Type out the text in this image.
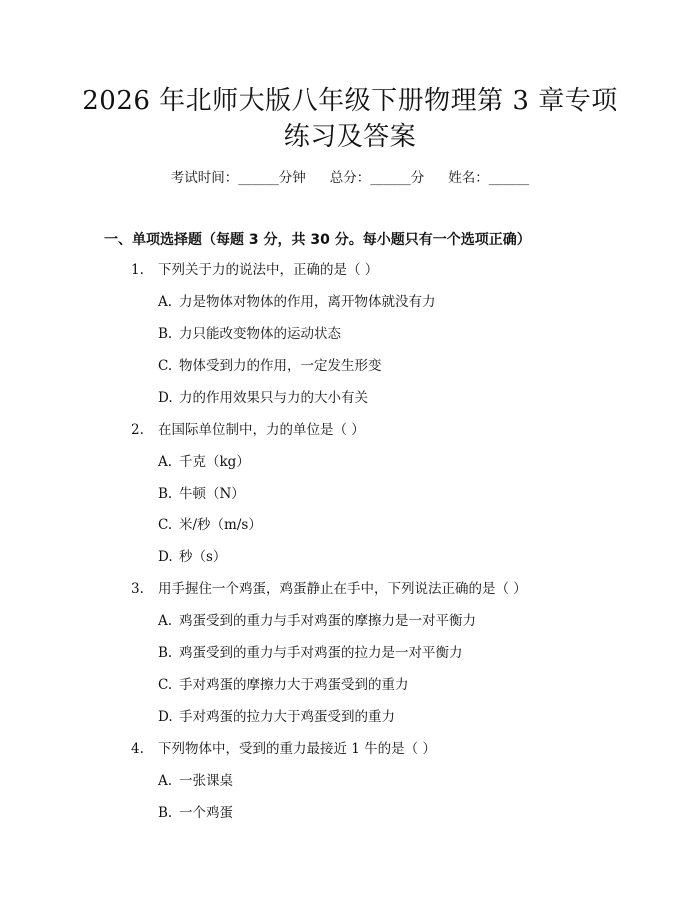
2026 年北师大版八年级下册物理第 3 章专项
练习及答案
考试时间：______分钟 总分：______分 姓名：______
一、单项选择题（每题 3 分，共 30 分。每小题只有一个选项正确）
1. 下列关于力的说法中，正确的是（ ）
A. 力是物体对物体的作用，离开物体就没有力
B. 力只能改变物体的运动状态
C. 物体受到力的作用，一定发生形变
D. 力的作用效果只与力的大小有关
2. 在国际单位制中，力的单位是（ ）
A. 千克（kg）
B. 牛顿（N）
C. 米/秒（m/s）
D. 秒（s）
3. 用手握住一个鸡蛋，鸡蛋静止在手中，下列说法正确的是（ ）
A. 鸡蛋受到的重力与手对鸡蛋的摩擦力是一对平衡力
B. 鸡蛋受到的重力与手对鸡蛋的拉力是一对平衡力
C. 手对鸡蛋的摩擦力大于鸡蛋受到的重力
D. 手对鸡蛋的拉力大于鸡蛋受到的重力
4. 下列物体中，受到的重力最接近 1 牛的是（ ）
A. 一张课桌
B. 一个鸡蛋
